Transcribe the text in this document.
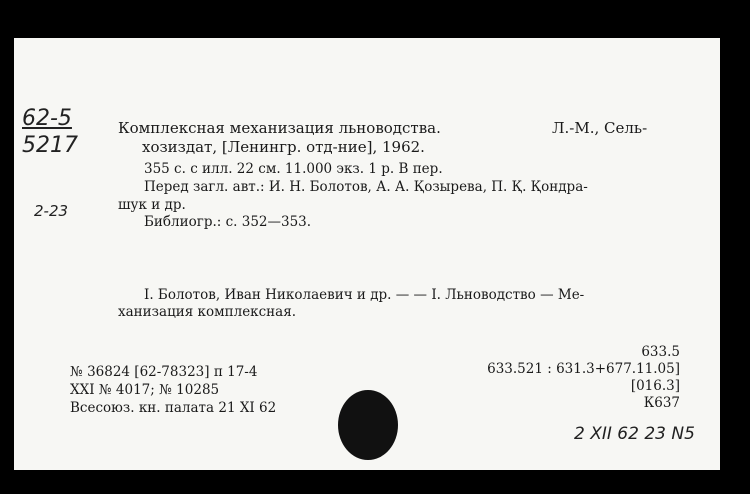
62-5
5217
2-23
Комплексная механизация льноводства.	Л.-М., Сель-
хозиздат, [Ленингр. отд-ние], 1962.
355 с. с илл. 22 см. 11.000 экз. 1 р. В пер.
Перед загл. авт.: И. Н. Болотов, А. А. Қозырева, П. Қ. Қондра-
шук и др.
Библиогр.: с. 352—353.
I. Болотов, Иван Николаевич и др. — — I. Льноводство — Ме-
ханизация комплексная.
633.5
633.521 : 631.3+677.11.05]
[016.3]
К637
№ 36824 [62-78323] п 17-4
XXI № 4017; № 10285
Всесоюз. кн. палата 21 XI 62
2 XII 62 23 N5
